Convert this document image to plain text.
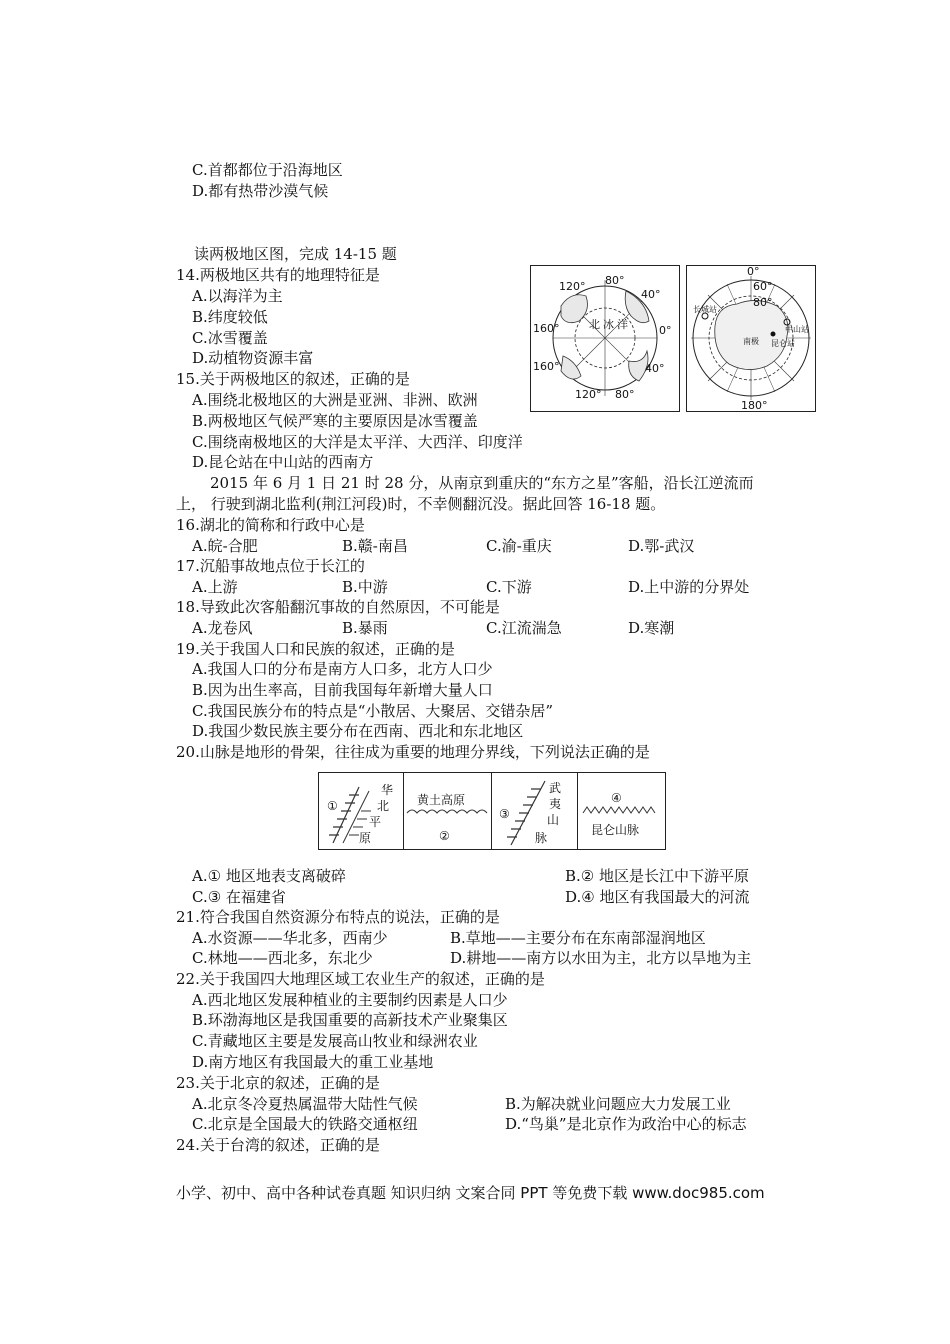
C.首都都位于沿海地区
D.都有热带沙漠气候
读两极地区图，完成 14-15 题
14.两极地区共有的地理特征是
A.以海洋为主
B.纬度较低
C.冰雪覆盖
D.动植物资源丰富
15.关于两极地区的叙述，正确的是
A.围绕北极地区的大洲是亚洲、非洲、欧洲
B.两极地区气候严寒的主要原因是冰雪覆盖
C.围绕南极地区的大洋是太平洋、大西洋、印度洋
D.昆仑站在中山站的西南方
120° 80°
40°
160°	0°
160°	40°
120° 80°
北 冰 洋
0°
60°
80°
180°
长城站
南极
中山站
昆仑站
2015 年 6 月 1 日 21 时 28 分，从南京到重庆的“东方之星”客船，沿长江逆流而
上， 行驶到湖北监利(荆江河段)时，不幸侧翻沉没。据此回答 16-18 题。
16.湖北的简称和行政中心是
A.皖-合肥	B.赣-南昌	C.渝-重庆	D.鄂-武汉
17.沉船事故地点位于长江的
A.上游	B.中游	C.下游	D.上中游的分界处
18.导致此次客船翻沉事故的自然原因，不可能是
A.龙卷风	B.暴雨	C.江流湍急	D.寒潮
19.关于我国人口和民族的叙述，正确的是
A.我国人口的分布是南方人口多，北方人口少
B.因为出生率高，目前我国每年新增大量人口
C.我国民族分布的特点是“小散居、大聚居、交错杂居”
D.我国少数民族主要分布在西南、西北和东北地区
20.山脉是地形的骨架，往往成为重要的地理分界线，下列说法正确的是
①
华
北
平
原
黄土高原
②
③
武
夷
山
脉
④
昆仑山脉
A.① 地区地表支离破碎	B.② 地区是长江中下游平原
C.③ 在福建省	D.④ 地区有我国最大的河流
21.符合我国自然资源分布特点的说法，正确的是
A.水资源——华北多，西南少	B.草地——主要分布在东南部湿润地区
C.林地——西北多，东北少	D.耕地——南方以水田为主，北方以旱地为主
22.关于我国四大地理区域工农业生产的叙述，正确的是
A.西北地区发展种植业的主要制约因素是人口少
B.环渤海地区是我国重要的高新技术产业聚集区
C.青藏地区主要是发展高山牧业和绿洲农业
D.南方地区有我国最大的重工业基地
23.关于北京的叙述，正确的是
A.北京冬冷夏热属温带大陆性气候	B.为解决就业问题应大力发展工业
C.北京是全国最大的铁路交通枢纽	D.“鸟巢”是北京作为政治中心的标志
24.关于台湾的叙述，正确的是
小学、初中、高中各种试卷真题 知识归纳 文案合同 PPT 等免费下载 www.doc985.com
